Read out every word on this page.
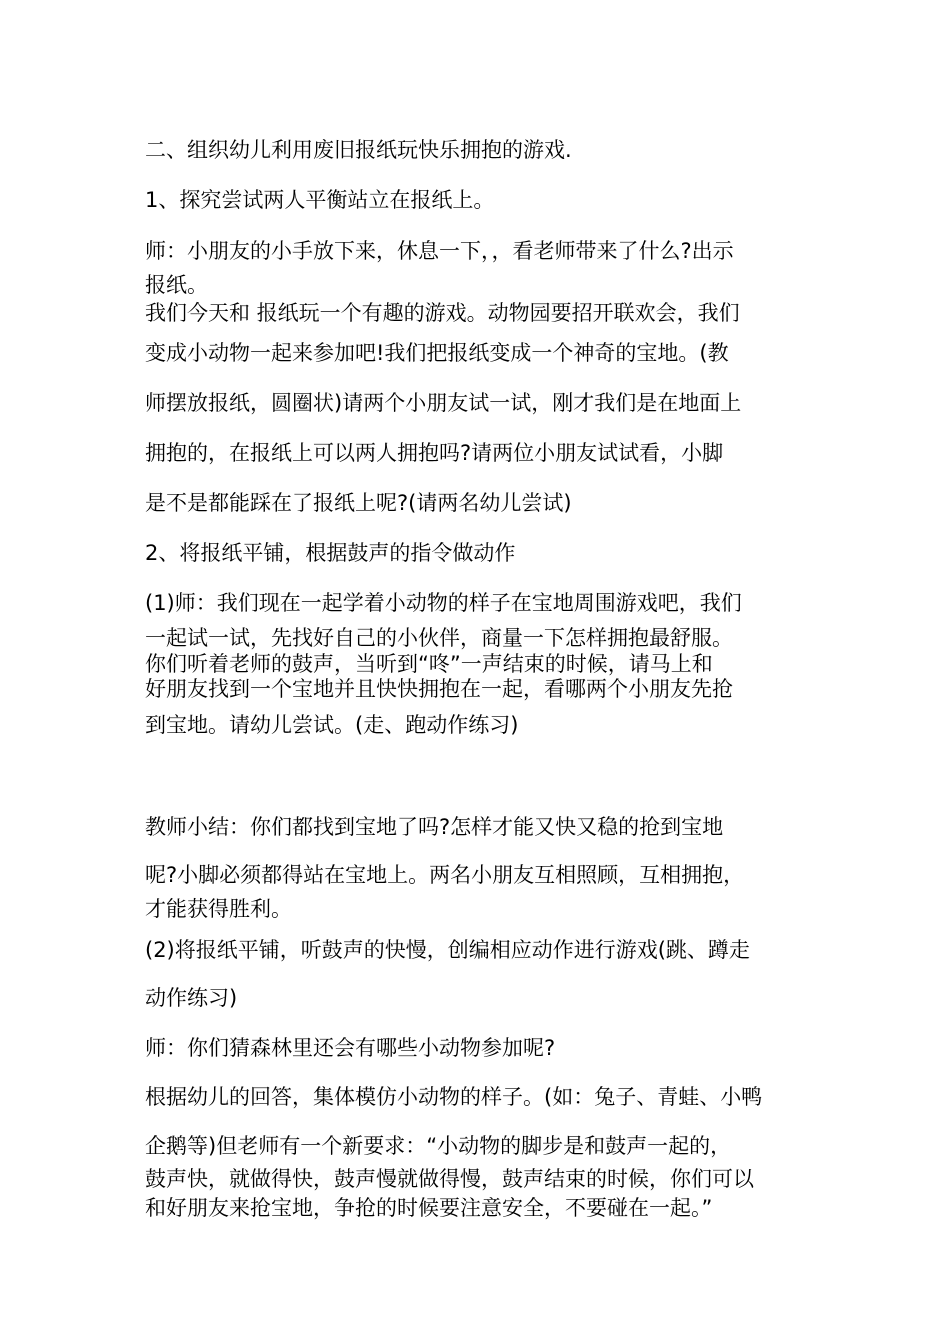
二、组织幼儿利用废旧报纸玩快乐拥抱的游戏.
1、探究尝试两人平衡站立在报纸上。
师：小朋友的小手放下来，休息一下，，看老师带来了什么?出示
报纸。
我们今天和 报纸玩一个有趣的游戏。动物园要招开联欢会，我们
变成小动物一起来参加吧!我们把报纸变成一个神奇的宝地。(教
师摆放报纸，圆圈状)请两个小朋友试一试，刚才我们是在地面上
拥抱的，在报纸上可以两人拥抱吗?请两位小朋友试试看，小脚
是不是都能踩在了报纸上呢?(请两名幼儿尝试)
2、将报纸平铺，根据鼓声的指令做动作
(1)师：我们现在一起学着小动物的样子在宝地周围游戏吧，我们
一起试一试，先找好自己的小伙伴，商量一下怎样拥抱最舒服。
你们听着老师的鼓声，当听到“咚”一声结束的时候，请马上和
好朋友找到一个宝地并且快快拥抱在一起，看哪两个小朋友先抢
到宝地。请幼儿尝试。(走、跑动作练习)
教师小结：你们都找到宝地了吗?怎样才能又快又稳的抢到宝地
呢?小脚必须都得站在宝地上。两名小朋友互相照顾，互相拥抱，
才能获得胜利。
(2)将报纸平铺，听鼓声的快慢，创编相应动作进行游戏(跳、蹲走
动作练习)
师：你们猜森林里还会有哪些小动物参加呢?
根据幼儿的回答，集体模仿小动物的样子。(如：兔子、青蛙、小鸭
企鹅等)但老师有一个新要求：“小动物的脚步是和鼓声一起的，
鼓声快，就做得快，鼓声慢就做得慢，鼓声结束的时候，你们可以
和好朋友来抢宝地，争抢的时候要注意安全，不要碰在一起。”
